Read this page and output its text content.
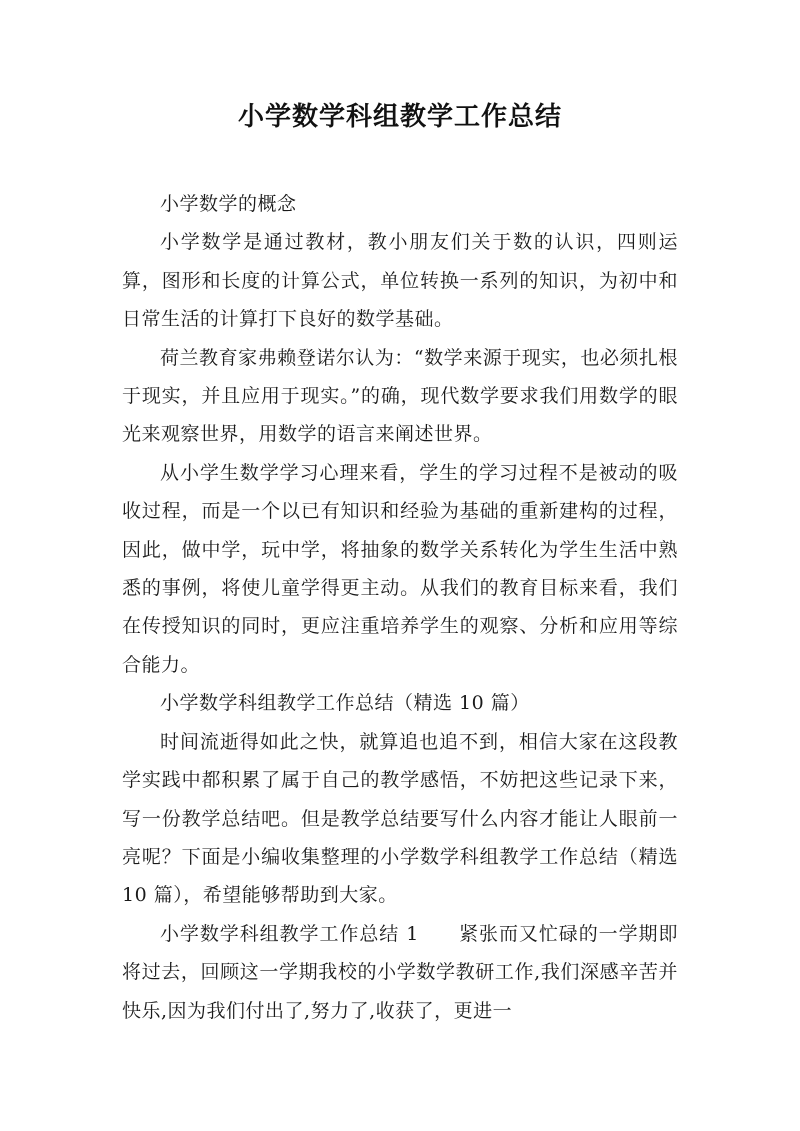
小学数学科组教学工作总结

小学数学的概念

小学数学是通过教材，教小朋友们关于数的认识，四则运算，图形和长度的计算公式，单位转换一系列的知识，为初中和日常生活的计算打下良好的数学基础。

荷兰教育家弗赖登诺尔认为：“数学来源于现实，也必须扎根于现实，并且应用于现实。”的确，现代数学要求我们用数学的眼光来观察世界，用数学的语言来阐述世界。

从小学生数学学习心理来看，学生的学习过程不是被动的吸收过程，而是一个以已有知识和经验为基础的重新建构的过程，因此，做中学，玩中学，将抽象的数学关系转化为学生生活中熟悉的事例，将使儿童学得更主动。从我们的教育目标来看，我们在传授知识的同时，更应注重培养学生的观察、分析和应用等综合能力。

小学数学科组教学工作总结（精选 10 篇）

时间流逝得如此之快，就算追也追不到，相信大家在这段教学实践中都积累了属于自己的教学感悟，不妨把这些记录下来，写一份教学总结吧。但是教学总结要写什么内容才能让人眼前一亮呢？下面是小编收集整理的小学数学科组教学工作总结（精选 10 篇），希望能够帮助到大家。

小学数学科组教学工作总结 1　　紧张而又忙碌的一学期即将过去，回顾这一学期我校的小学数学教研工作,我们深感辛苦并快乐,因为我们付出了,努力了,收获了，更进一
